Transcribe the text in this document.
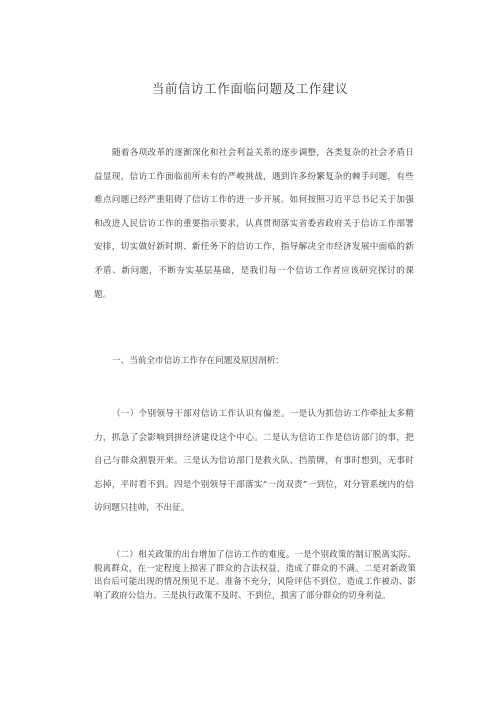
当前信访工作面临问题及工作建议
随着各项改革的逐渐深化和社会利益关系的逐步调整，各类复杂的社会矛盾日益显现，信访工作面临前所未有的严峻挑战，遇到许多纷繁复杂的棘手问题，有些难点问题已经严重阻碍了信访工作的进一步开展。如何按照习近平总书记关于加强和改进人民信访工作的重要指示要求，认真贯彻落实省委省政府关于信访工作部署安排，切实做好新时期、新任务下的信访工作，指导解决全市经济发展中面临的新矛盾、新问题，不断夯实基层基础，是我们每一个信访工作者应该研究探讨的课题。
一、当前全市信访工作存在问题及原因剖析：
（一）个别领导干部对信访工作认识有偏差。一是认为抓信访工作牵扯太多精力，抓急了会影响到拼经济建设这个中心。二是认为信访工作是信访部门的事，把自己与群众割裂开来。三是认为信访部门是救火队、挡箭牌，有事时想到，无事时忘掉，平时看不到。四是个别领导干部落实“一岗双责”一到位，对分管系统内的信访问题只挂帅，不出征。
（二）相关政策的出台增加了信访工作的难度。一是个别政策的制订脱离实际、脱离群众，在一定程度上损害了群众的合法权益，造成了群众的不满。二是对新政策出台后可能出现的情况预见不足、准备不充分，风险评估不到位，造成工作被动、影响了政府公信力。三是执行政策不及时、不到位，损害了部分群众的切身利益。
